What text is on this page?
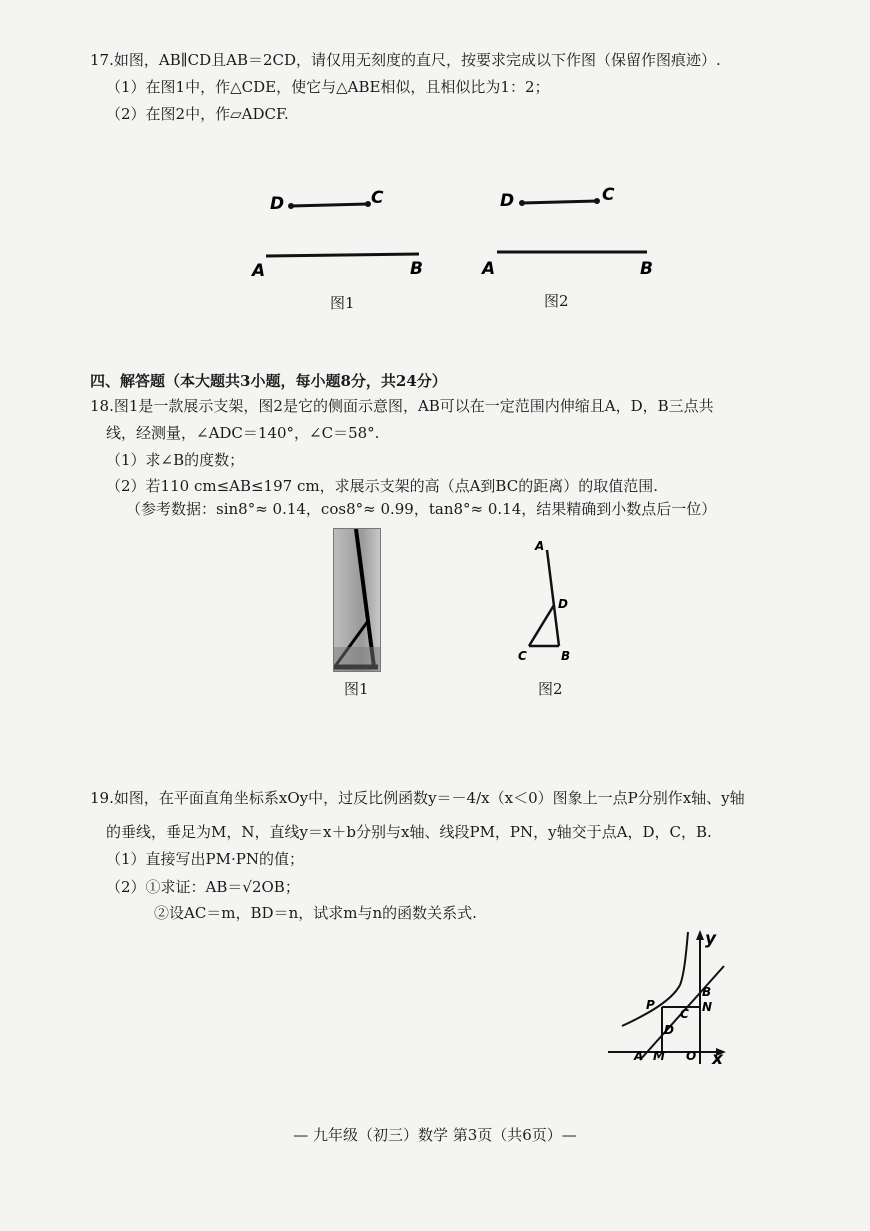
17.如图，AB∥CD且AB＝2CD，请仅用无刻度的直尺，按要求完成以下作图（保留作图痕迹）.
（1）在图1中，作△CDE，使它与△ABE相似，且相似比为1：2；
（2）在图2中，作▱ADCF.
D	C
A	B
D	C
A	B
A
D
C	B
y
x
B
P	N
C
D
A M O
图1	图2
四、解答题（本大题共3小题，每小题8分，共24分）
18.图1是一款展示支架，图2是它的侧面示意图，AB可以在一定范围内伸缩且A，D，B三点共
线，经测量，∠ADC＝140°，∠C＝58°.
（1）求∠B的度数；
（2）若110 cm≤AB≤197 cm，求展示支架的高（点A到BC的距离）的取值范围.
（参考数据：sin8°≈ 0.14，cos8°≈ 0.99，tan8°≈ 0.14，结果精确到小数点后一位）
图1	图2
19.如图，在平面直角坐标系xOy中，过反比例函数y＝－4/x（x＜0）图象上一点P分别作x轴、y轴
的垂线，垂足为M，N，直线y＝x＋b分别与x轴、线段PM，PN，y轴交于点A，D，C，B.
（1）直接写出PM·PN的值；
（2）①求证：AB＝√2OB；
②设AC＝m，BD＝n，试求m与n的函数关系式.
— 九年级（初三）数学 第3页（共6页）—
